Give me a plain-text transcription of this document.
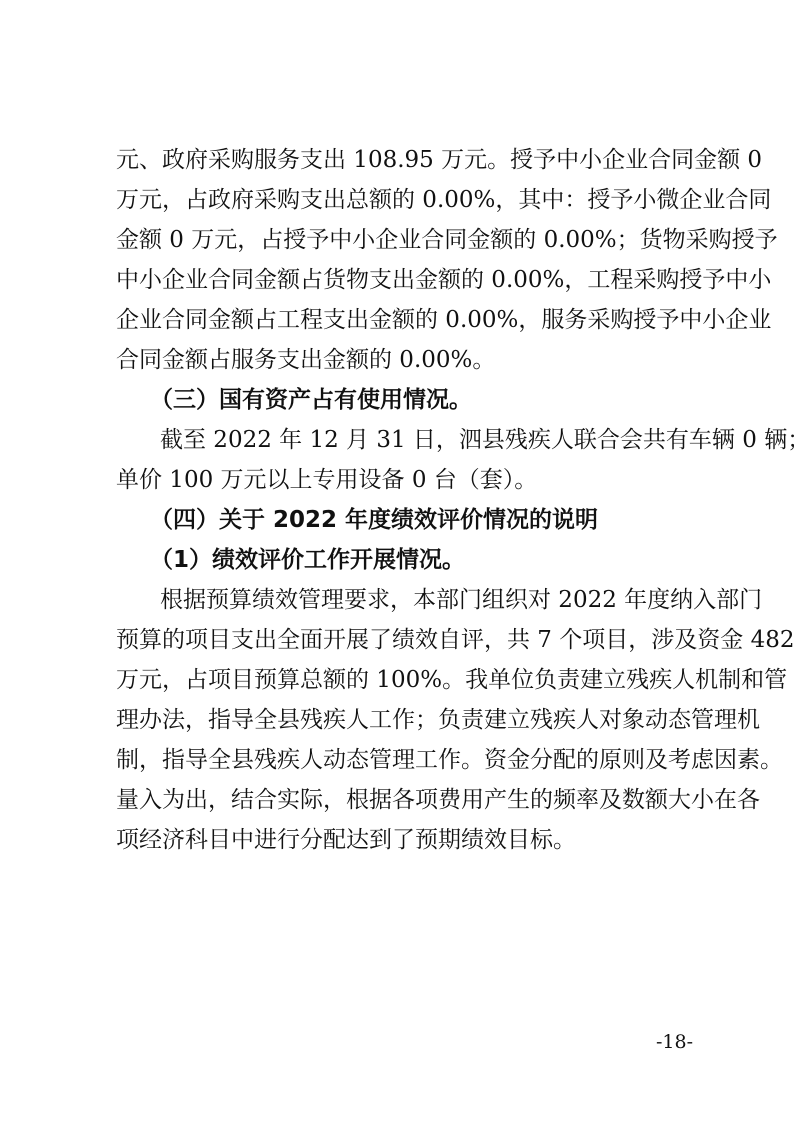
元、政府采购服务支出 108.95 万元。授予中小企业合同金额 0
万元，占政府采购支出总额的 0.00%，其中：授予小微企业合同
金额 0 万元，占授予中小企业合同金额的 0.00%；货物采购授予
中小企业合同金额占货物支出金额的 0.00%，工程采购授予中小
企业合同金额占工程支出金额的 0.00%，服务采购授予中小企业
合同金额占服务支出金额的 0.00%。
（三）国有资产占有使用情况。
截至 2022 年 12 月 31 日，泗县残疾人联合会共有车辆 0 辆；
单价 100 万元以上专用设备 0 台（套）。
（四）关于 2022 年度绩效评价情况的说明
（1）绩效评价工作开展情况。
根据预算绩效管理要求，本部门组织对 2022 年度纳入部门
预算的项目支出全面开展了绩效自评，共 7 个项目，涉及资金 482
万元，占项目预算总额的 100%。我单位负责建立残疾人机制和管
理办法，指导全县残疾人工作；负责建立残疾人对象动态管理机
制，指导全县残疾人动态管理工作。资金分配的原则及考虑因素。
量入为出，结合实际，根据各项费用产生的频率及数额大小在各
项经济科目中进行分配达到了预期绩效目标。
-18-
